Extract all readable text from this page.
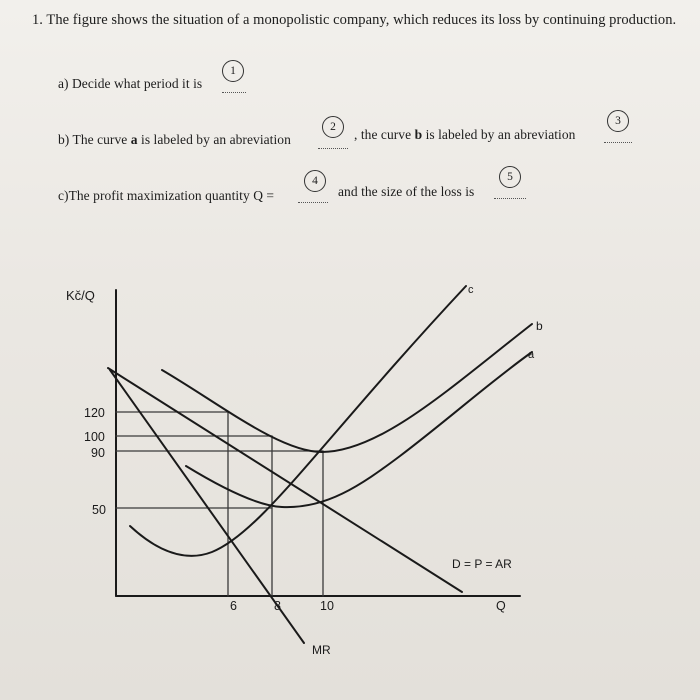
1. The figure shows the situation of a monopolistic company, which reduces its loss by continuing production.
a) Decide what period it is
1
b) The curve a is labeled by an abreviation
2	, the curve b is labeled by an abreviation
3
c)The profit maximization quantity Q =
4
and the size of the loss is
5
Kč/Q
120
100
90
50
6	8	10
c
b
a
D = P = AR
MR
Q
